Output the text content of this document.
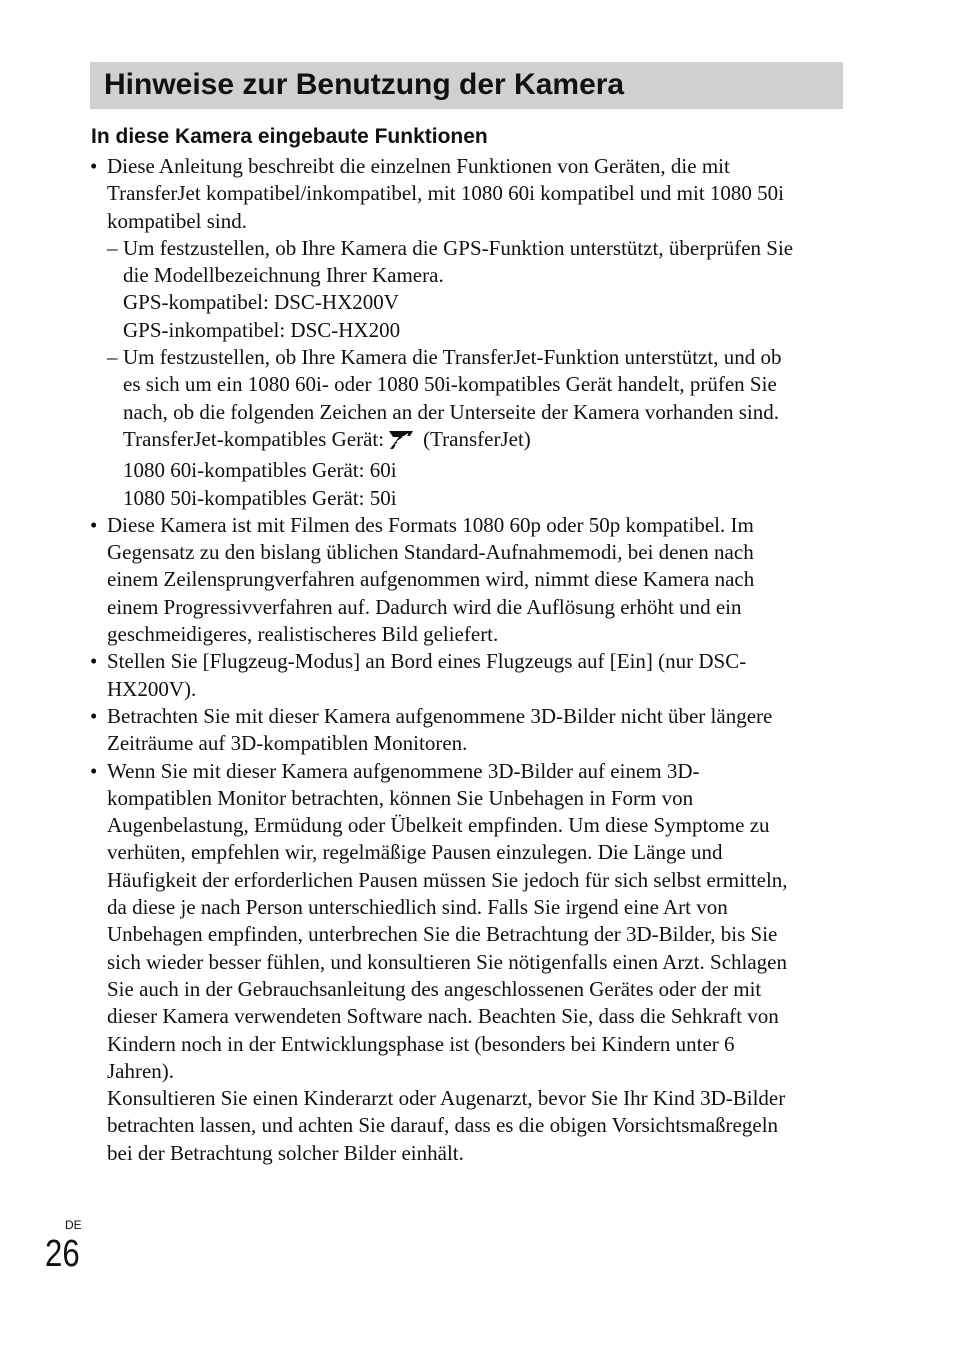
Hinweise zur Benutzung der Kamera
In diese Kamera eingebaute Funktionen
• Diese Anleitung beschreibt die einzelnen Funktionen von Geräten, die mit
TransferJet kompatibel/inkompatibel, mit 1080 60i kompatibel und mit 1080 50i
kompatibel sind.
– Um festzustellen, ob Ihre Kamera die GPS-Funktion unterstützt, überprüfen Sie
die Modellbezeichnung Ihrer Kamera.
GPS-kompatibel: DSC-HX200V
GPS-inkompatibel: DSC-HX200
– Um festzustellen, ob Ihre Kamera die TransferJet-Funktion unterstützt, und ob
es sich um ein 1080 60i- oder 1080 50i-kompatibles Gerät handelt, prüfen Sie
nach, ob die folgenden Zeichen an der Unterseite der Kamera vorhanden sind.
TransferJet-kompatibles Gerät: (TransferJet)
1080 60i-kompatibles Gerät: 60i
1080 50i-kompatibles Gerät: 50i
• Diese Kamera ist mit Filmen des Formats 1080 60p oder 50p kompatibel. Im
Gegensatz zu den bislang üblichen Standard-Aufnahmemodi, bei denen nach
einem Zeilensprungverfahren aufgenommen wird, nimmt diese Kamera nach
einem Progressivverfahren auf. Dadurch wird die Auflösung erhöht und ein
geschmeidigeres, realistischeres Bild geliefert.
• Stellen Sie [Flugzeug-Modus] an Bord eines Flugzeugs auf [Ein] (nur DSC-
HX200V).
• Betrachten Sie mit dieser Kamera aufgenommene 3D-Bilder nicht über längere
Zeiträume auf 3D-kompatiblen Monitoren.
• Wenn Sie mit dieser Kamera aufgenommene 3D-Bilder auf einem 3D-
kompatiblen Monitor betrachten, können Sie Unbehagen in Form von
Augenbelastung, Ermüdung oder Übelkeit empfinden. Um diese Symptome zu
verhüten, empfehlen wir, regelmäßige Pausen einzulegen. Die Länge und
Häufigkeit der erforderlichen Pausen müssen Sie jedoch für sich selbst ermitteln,
da diese je nach Person unterschiedlich sind. Falls Sie irgend eine Art von
Unbehagen empfinden, unterbrechen Sie die Betrachtung der 3D-Bilder, bis Sie
sich wieder besser fühlen, und konsultieren Sie nötigenfalls einen Arzt. Schlagen
Sie auch in der Gebrauchsanleitung des angeschlossenen Gerätes oder der mit
dieser Kamera verwendeten Software nach. Beachten Sie, dass die Sehkraft von
Kindern noch in der Entwicklungsphase ist (besonders bei Kindern unter 6
Jahren).
Konsultieren Sie einen Kinderarzt oder Augenarzt, bevor Sie Ihr Kind 3D-Bilder
betrachten lassen, und achten Sie darauf, dass es die obigen Vorsichtsmaßregeln
bei der Betrachtung solcher Bilder einhält.
DE
26
